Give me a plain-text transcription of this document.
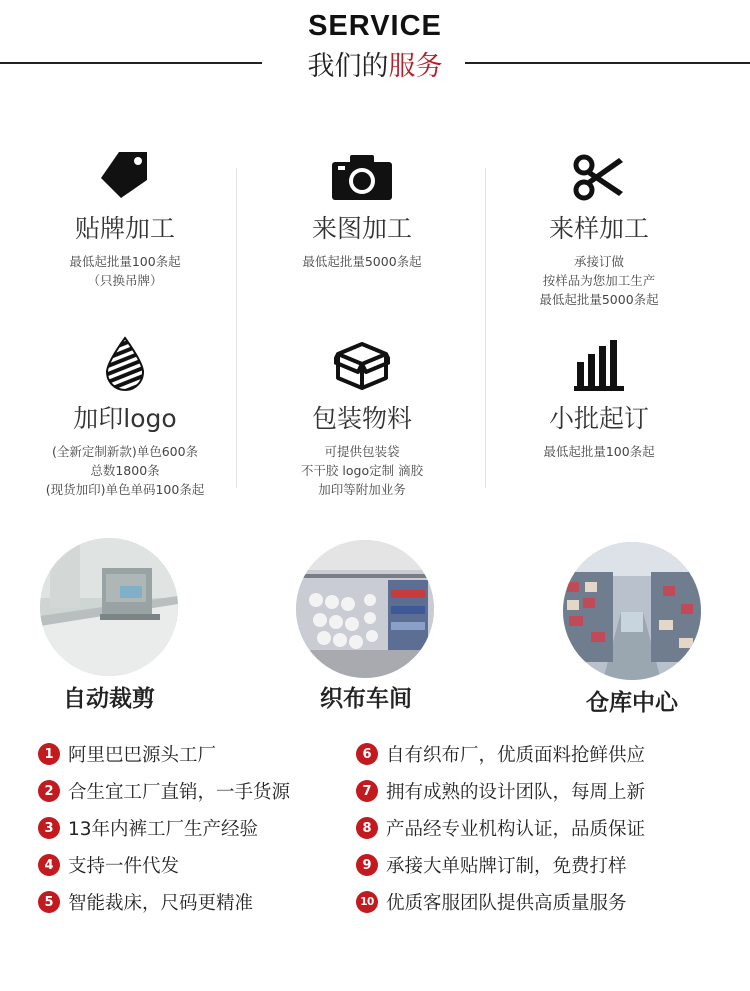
SERVICE
我们的服务
贴牌加工
最低起批量100条起
（只换吊牌）
来图加工
最低起批量5000条起
来样加工
承接订做
按样品为您加工生产
最低起批量5000条起
加印logo
(全新定制新款)单色600条
总数1800条
(现货加印)单色单码100条起
包装物料
可提供包装袋
不干胶 logo定制 滴胶
加印等附加业务
小批起订
最低起批量100条起
自动裁剪	织布车间	仓库中心
1 阿里巴巴源头工厂
2 合生宜工厂直销，一手货源
3 13年内裤工厂生产经验
4 支持一件代发
5 智能裁床，尺码更精准
6 自有织布厂，优质面料抢鲜供应
7 拥有成熟的设计团队，每周上新
8 产品经专业机构认证，品质保证
9 承接大单贴牌订制，免费打样
10 优质客服团队提供高质量服务
